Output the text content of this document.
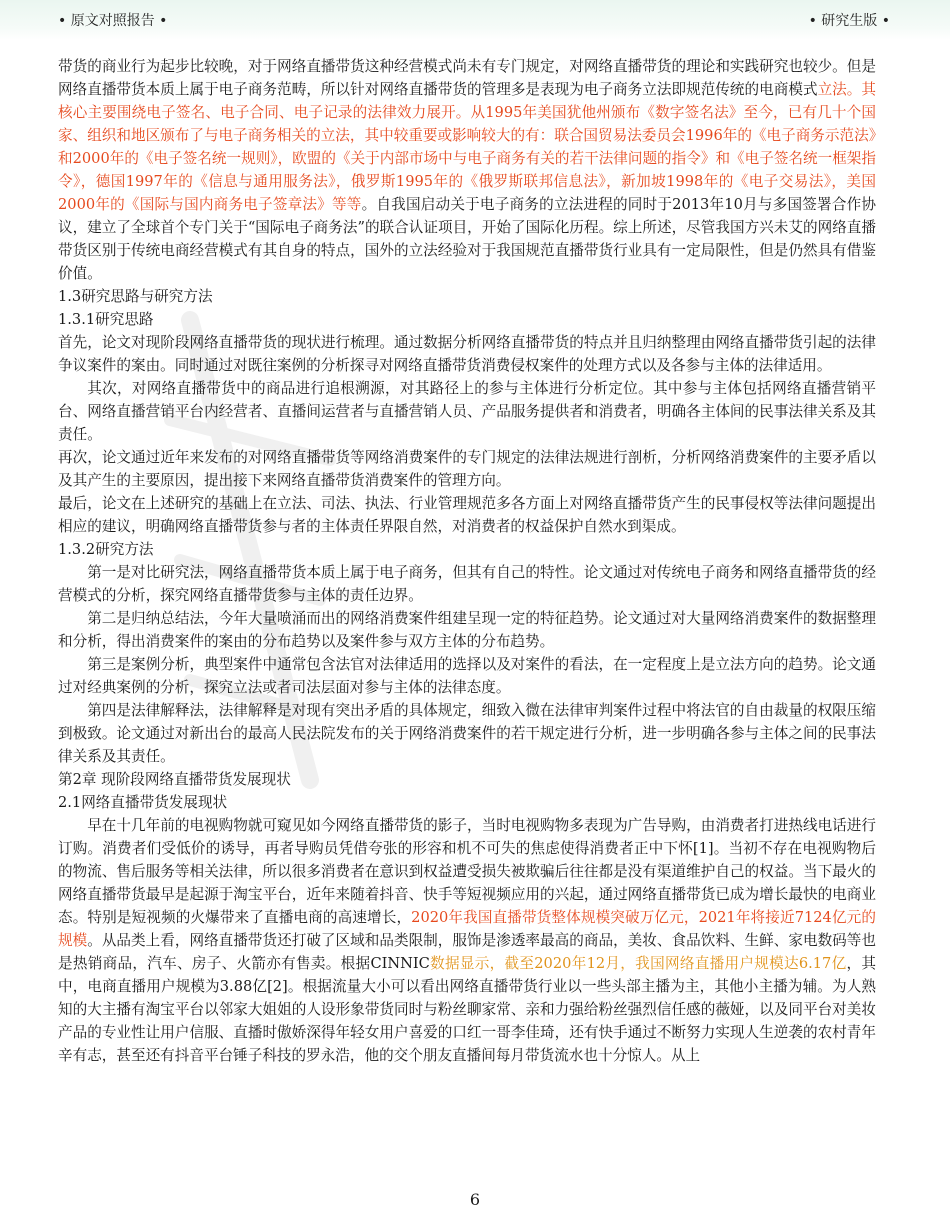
• 原文对照报告 •	• 研究生版 •

带货的商业行为起步比较晚，对于网络直播带货这种经营模式尚未有专门规定，对网络直播带货的理论和实践研究也较少。但是网络直播带货本质上属于电子商务范畴，所以针对网络直播带货的管理多是表现为电子商务立法即规范传统的电商模式立法。其核心主要围绕电子签名、电子合同、电子记录的法律效力展开。从1995年美国犹他州颁布《数字签名法》至今，已有几十个国家、组织和地区颁布了与电子商务相关的立法，其中较重要或影响较大的有：联合国贸易法委员会1996年的《电子商务示范法》和2000年的《电子签名统一规则》，欧盟的《关于内部市场中与电子商务有关的若干法律问题的指令》和《电子签名统一框架指令》，德国1997年的《信息与通用服务法》，俄罗斯1995年的《俄罗斯联邦信息法》，新加坡1998年的《电子交易法》，美国2000年的《国际与国内商务电子签章法》等等。自我国启动关于电子商务的立法进程的同时于2013年10月与多国签署合作协议，建立了全球首个专门关于“国际电子商务法”的联合认证项目，开始了国际化历程。综上所述，尽管我国方兴未艾的网络直播带货区别于传统电商经营模式有其自身的特点，国外的立法经验对于我国规范直播带货行业具有一定局限性，但是仍然具有借鉴价值。

1.3研究思路与研究方法

1.3.1研究思路

首先，论文对现阶段网络直播带货的现状进行梳理。通过数据分析网络直播带货的特点并且归纳整理由网络直播带货引起的法律争议案件的案由。同时通过对既往案例的分析探寻对网络直播带货消费侵权案件的处理方式以及各参与主体的法律适用。

其次，对网络直播带货中的商品进行追根溯源，对其路径上的参与主体进行分析定位。其中参与主体包括网络直播营销平台、网络直播营销平台内经营者、直播间运营者与直播营销人员、产品服务提供者和消费者，明确各主体间的民事法律关系及其责任。

再次，论文通过近年来发布的对网络直播带货等网络消费案件的专门规定的法律法规进行剖析，分析网络消费案件的主要矛盾以及其产生的主要原因，提出接下来网络直播带货消费案件的管理方向。

最后，论文在上述研究的基础上在立法、司法、执法、行业管理规范多各方面上对网络直播带货产生的民事侵权等法律问题提出相应的建议，明确网络直播带货参与者的主体责任界限自然，对消费者的权益保护自然水到渠成。

1.3.2研究方法

第一是对比研究法，网络直播带货本质上属于电子商务，但其有自己的特性。论文通过对传统电子商务和网络直播带货的经营模式的分析，探究网络直播带货参与主体的责任边界。

第二是归纳总结法，今年大量喷涌而出的网络消费案件组建呈现一定的特征趋势。论文通过对大量网络消费案件的数据整理和分析，得出消费案件的案由的分布趋势以及案件参与双方主体的分布趋势。

第三是案例分析，典型案件中通常包含法官对法律适用的选择以及对案件的看法，在一定程度上是立法方向的趋势。论文通过对经典案例的分析，探究立法或者司法层面对参与主体的法律态度。

第四是法律解释法，法律解释是对现有突出矛盾的具体规定，细致入微在法律审判案件过程中将法官的自由裁量的权限压缩到极致。论文通过对新出台的最高人民法院发布的关于网络消费案件的若干规定进行分析，进一步明确各参与主体之间的民事法律关系及其责任。

第2章 现阶段网络直播带货发展现状

2.1网络直播带货发展现状

早在十几年前的电视购物就可窥见如今网络直播带货的影子，当时电视购物多表现为广告导购，由消费者打进热线电话进行订购。消费者们受低价的诱导，再者导购员凭借夸张的形容和机不可失的焦虑使得消费者正中下怀[1]。当初不存在电视购物后的物流、售后服务等相关法律，所以很多消费者在意识到权益遭受损失被欺骗后往往都是没有渠道维护自己的权益。当下最火的网络直播带货最早是起源于淘宝平台，近年来随着抖音、快手等短视频应用的兴起，通过网络直播带货已成为增长最快的电商业态。特别是短视频的火爆带来了直播电商的高速增长，2020年我国直播带货整体规模突破万亿元，2021年将接近7124亿元的规模。从品类上看，网络直播带货还打破了区域和品类限制，服饰是渗透率最高的商品，美妆、食品饮料、生鲜、家电数码等也是热销商品，汽车、房子、火箭亦有售卖。根据CINNIC数据显示，截至2020年12月，我国网络直播用户规模达6.17亿，其中，电商直播用户规模为3.88亿[2]。根据流量大小可以看出网络直播带货行业以一些头部主播为主，其他小主播为辅。为人熟知的大主播有淘宝平台以邻家大姐姐的人设形象带货同时与粉丝聊家常、亲和力强给粉丝强烈信任感的薇娅，以及同平台对美妆产品的专业性让用户信服、直播时傲娇深得年轻女用户喜爱的口红一哥李佳琦，还有快手通过不断努力实现人生逆袭的农村青年辛有志，甚至还有抖音平台锤子科技的罗永浩，他的交个朋友直播间每月带货流水也十分惊人。从上

6
